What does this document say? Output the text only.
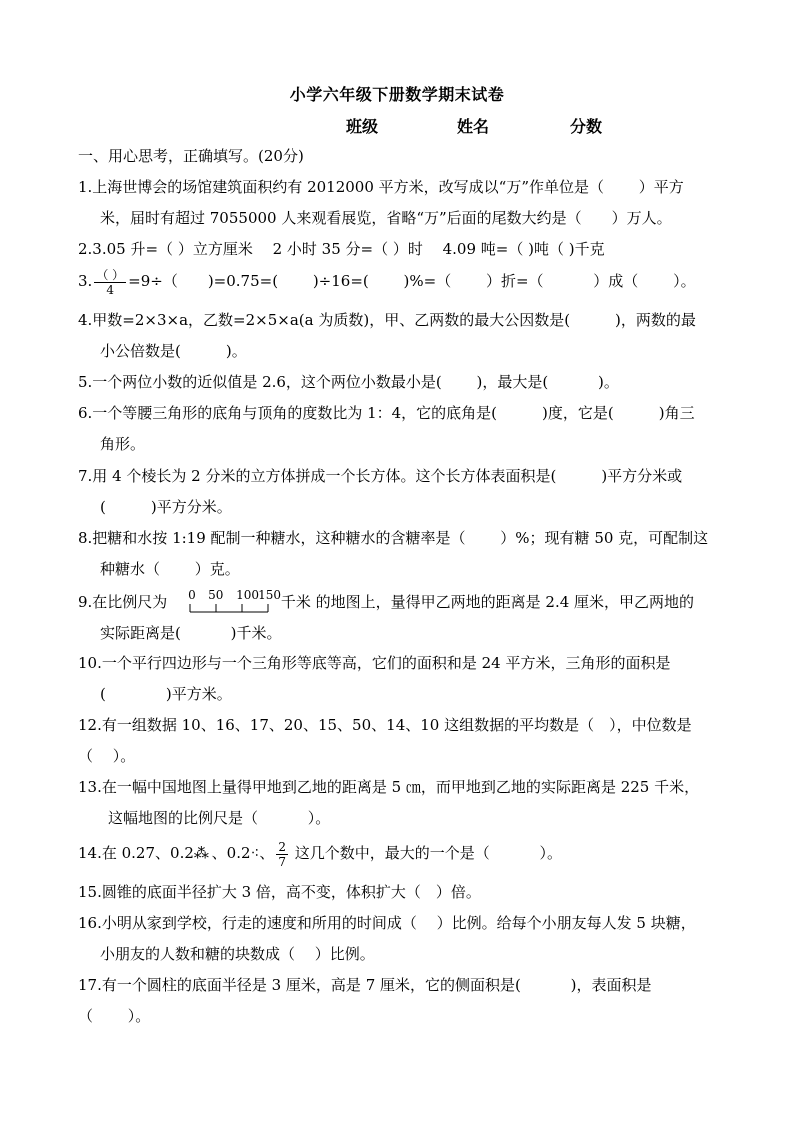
小学六年级下册数学期末试卷
班级	姓名	分数
一、用心思考，正确填写。(20分)
1.上海世博会的场馆建筑面积约有 2012000 平方米，改写成以“万”作单位是（　　 ）平方
米，届时有超过 7055000 人来观看展览，省略“万”后面的尾数大约是（　　）万人。
2.3.05 升=（ ）立方厘米　 2 小时 35 分=（ ）时　 4.09 吨=（ )吨（ )千克
3. $\frac{( )}{4} =9\div$（　　)=0.75=(　　 )÷16=(　　 )%=（　　 ）折=（　　　 ）成（　　 ）。
4.甲数=2×3×a，乙数=2×5×a(a 为质数)，甲、乙两数的最大公因数是(　　　)，两数的最
小公倍数是(　　　)。
5.一个两位小数的近似值是 2.6，这个两位小数最小是(　　 )，最大是(　　　 )。
6.一个等腰三角形的底角与顶角的度数比为 1：4，它的底角是(　　　)度，它是(　　　)角三
角形。
7.用 4 个棱长为 2 分米的立方体拼成一个长方体。这个长方体表面积是(　　　)平方分米或
(　　　)平方分米。
8.把糖和水按 1:19 配制一种糖水，这种糖水的含糖率是（　　 ）%；现有糖 50 克，可配制这
种糖水（　　 ）克。
9.在比例尺为 0 50 100 150 千米 的地图上，量得甲乙两地的距离是 2.4 厘米，甲乙两地的
实际距离是(　　　 )千米。
10.一个平行四边形与一个三角形等底等高，它们的面积和是 24 平方米，三角形的面积是
(　　　　)平方米。
12.有一组数据 10、16、17、20、15、50、14、10 这组数据的平均数是（　），中位数是
（　 ）。
13.在一幅中国地图上量得甲地到乙地的距离是 5 ㎝，而甲地到乙地的实际距离是 225 千米，
这幅地图的比例尺是（　　　 ）。
14.在 0.27、0.2⁂ 、0.2⁖、 $\frac{2}{7}$ 这几个数中，最大的一个是（　　　 ）。
15.圆锥的底面半径扩大 3 倍，高不变，体积扩大（　）倍。
16.小明从家到学校，行走的速度和所用的时间成（　 ）比例。给每个小朋友每人发 5 块糖，
小朋友的人数和糖的块数成（　 ）比例。
17.有一个圆柱的底面半径是 3 厘米，高是 7 厘米，它的侧面积是(　　　 )，表面积是
（　　 ）。
